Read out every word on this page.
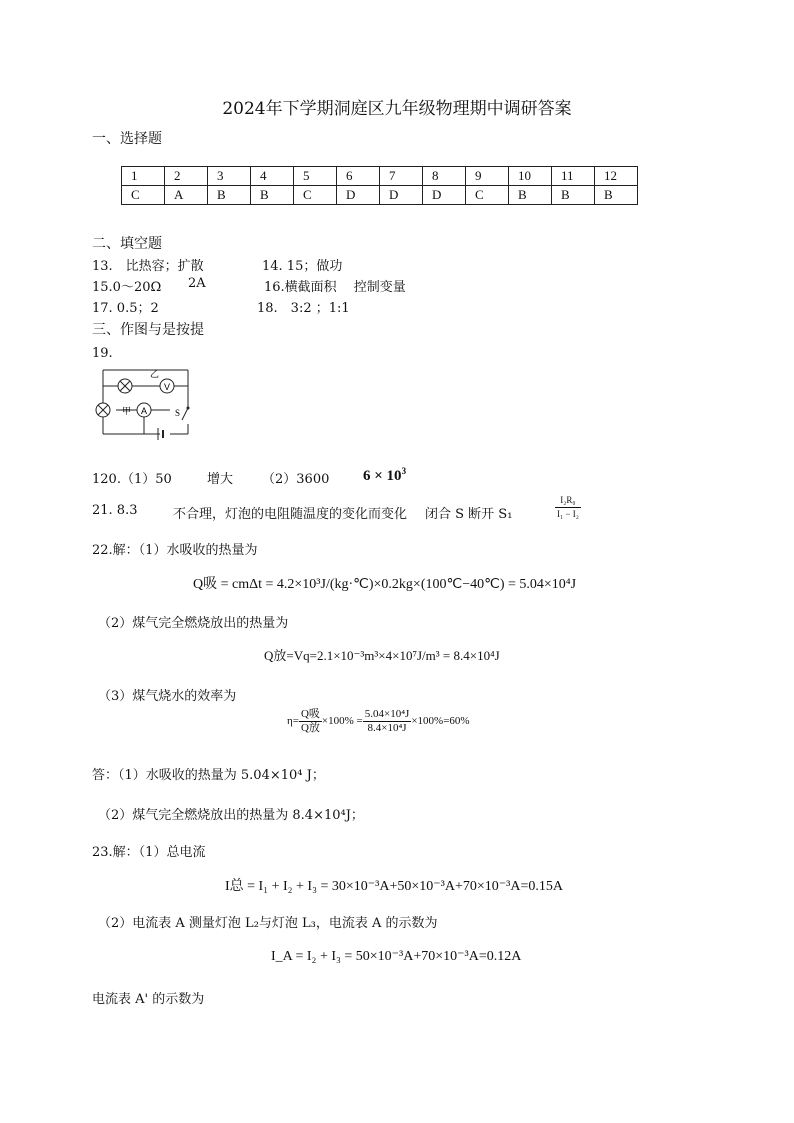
2024年下学期洞庭区九年级物理期中调研答案
一、选择题
1	2	3	4	5	6	7	8	9	10	11	12
C	A	B	B	C	D	D	D	C	B	B	B
二、填空题
13.　比热容；扩散	14. 15；做功
15.0～20Ω 2A	16.横截面积　 控制变量
17. 0.5；2	18.　3:2 ；1:1
三、作图与是按提
19.
V
A
乙
甲	S
120.（1）50	增大 （2）3600 $6 \times 10^3$
21. 8.3	不合理，灯泡的电阻随温度的变化而变化 闭合 S 断开 S₁	$\frac{\text{I₂R₀}}{\text{I₁ − I₂}}$
22.解：（1）水吸收的热量为
Q吸 = cmΔt = 4.2×10³J/(kg·℃)×0.2kg×(100℃−40℃) = 5.04×10⁴J
（2）煤气完全燃烧放出的热量为
Q放=Vq=2.1×10⁻³m³×4×10⁷J/m³ = 8.4×10⁴J
（3）煤气烧水的效率为
$\eta= \frac{\text{Q吸}}{\text{Q放}} \times 100\% = \frac{\text{5.04×10⁴J}}{\text{8.4×10⁴J}} \times 100\%=60\%$
答：（1）水吸收的热量为 5.04×10⁴ J；
（2）煤气完全燃烧放出的热量为 8.4×10⁴J；
23.解：（1）总电流
I总 = I₁ + I₂ + I₃ = 30×10⁻³A+50×10⁻³A+70×10⁻³A=0.15A
（2）电流表 A 测量灯泡 L₂与灯泡 L₃，电流表 A 的示数为
I_A = I₂ + I₃ = 50×10⁻³A+70×10⁻³A=0.12A
电流表 A' 的示数为
